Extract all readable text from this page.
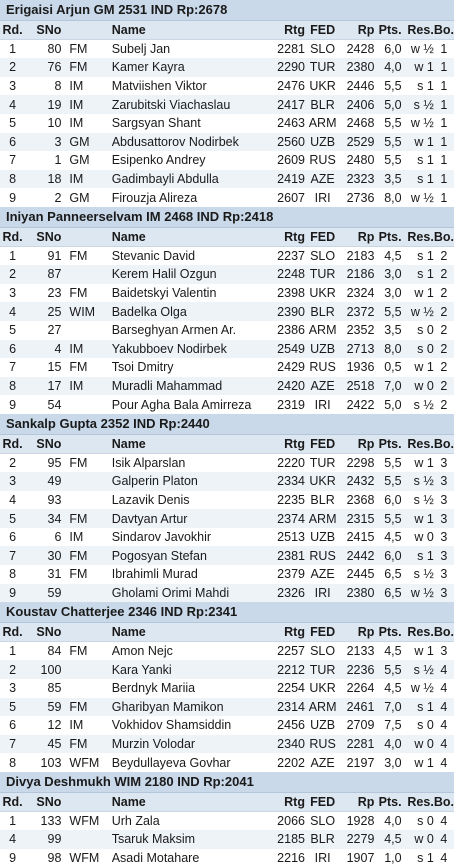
Erigaisi Arjun GM 2531 IND Rp:2678
Rd.	SNo		Name	Rtg	FED	Rp	Pts.	Res.	Bo.
1	80	FM	Subelj Jan	2281	SLO	2428	6,0	w ½	1
2	76	FM	Kamer Kayra	2290	TUR	2380	4,0	w 1	1
3	8	IM	Matviishen Viktor	2476	UKR	2446	5,5	s 1	1
4	19	IM	Zarubitski Viachaslau	2417	BLR	2406	5,0	s ½	1
5	10	IM	Sargsyan Shant	2463	ARM	2468	5,5	w ½	1
6	3	GM	Abdusattorov Nodirbek	2560	UZB	2529	5,5	w 1	1
7	1	GM	Esipenko Andrey	2609	RUS	2480	5,5	s 1	1
8	18	IM	Gadimbayli Abdulla	2419	AZE	2323	3,5	s 1	1
9	2	GM	Firouzja Alireza	2607	IRI	2736	8,0	w ½	1
Iniyan Panneerselvam IM 2468 IND Rp:2418
Rd.	SNo		Name	Rtg	FED	Rp	Pts.	Res.	Bo.
1	91	FM	Stevanic David	2237	SLO	2183	4,5	s 1	2
2	87		Kerem Halil Ozgun	2248	TUR	2186	3,0	s 1	2
3	23	FM	Baidetskyi Valentin	2398	UKR	2324	3,0	w 1	2
4	25	WIM	Badelka Olga	2390	BLR	2372	5,5	w ½	2
5	27		Barseghyan Armen Ar.	2386	ARM	2352	3,5	s 0	2
6	4	IM	Yakubboev Nodirbek	2549	UZB	2713	8,0	s 0	2
7	15	FM	Tsoi Dmitry	2429	RUS	1936	0,5	w 1	2
8	17	IM	Muradli Mahammad	2420	AZE	2518	7,0	w 0	2
9	54		Pour Agha Bala Amirreza	2319	IRI	2422	5,0	s ½	2
Sankalp Gupta 2352 IND Rp:2440
Rd.	SNo		Name	Rtg	FED	Rp	Pts.	Res.	Bo.
2	95	FM	Isik Alparslan	2220	TUR	2298	5,5	w 1	3
3	49		Galperin Platon	2334	UKR	2432	5,5	s ½	3
4	93		Lazavik Denis	2235	BLR	2368	6,0	s ½	3
5	34	FM	Davtyan Artur	2374	ARM	2315	5,5	w 1	3
6	6	IM	Sindarov Javokhir	2513	UZB	2415	4,5	w 0	3
7	30	FM	Pogosyan Stefan	2381	RUS	2442	6,0	s 1	3
8	31	FM	Ibrahimli Murad	2379	AZE	2445	6,5	s ½	3
9	59		Gholami Orimi Mahdi	2326	IRI	2380	6,5	w ½	3
Koustav Chatterjee 2346 IND Rp:2341
Rd.	SNo		Name	Rtg	FED	Rp	Pts.	Res.	Bo.
1	84	FM	Amon Nejc	2257	SLO	2133	4,5	w 1	3
2	100		Kara Yanki	2212	TUR	2236	5,5	s ½	4
3	85		Berdnyk Mariia	2254	UKR	2264	4,5	w ½	4
5	59	FM	Gharibyan Mamikon	2314	ARM	2461	7,0	s 1	4
6	12	IM	Vokhidov Shamsiddin	2456	UZB	2709	7,5	s 0	4
7	45	FM	Murzin Volodar	2340	RUS	2281	4,0	w 0	4
8	103	WFM	Beydullayeva Govhar	2202	AZE	2197	3,0	w 1	4
Divya Deshmukh WIM 2180 IND Rp:2041
Rd.	SNo		Name	Rtg	FED	Rp	Pts.	Res.	Bo.
1	133	WFM	Urh Zala	2066	SLO	1928	4,0	s 0	4
4	99		Tsaruk Maksim	2185	BLR	2279	4,5	w 0	4
9	98	WFM	Asadi Motahare	2216	IRI	1907	1,0	s 1	4
